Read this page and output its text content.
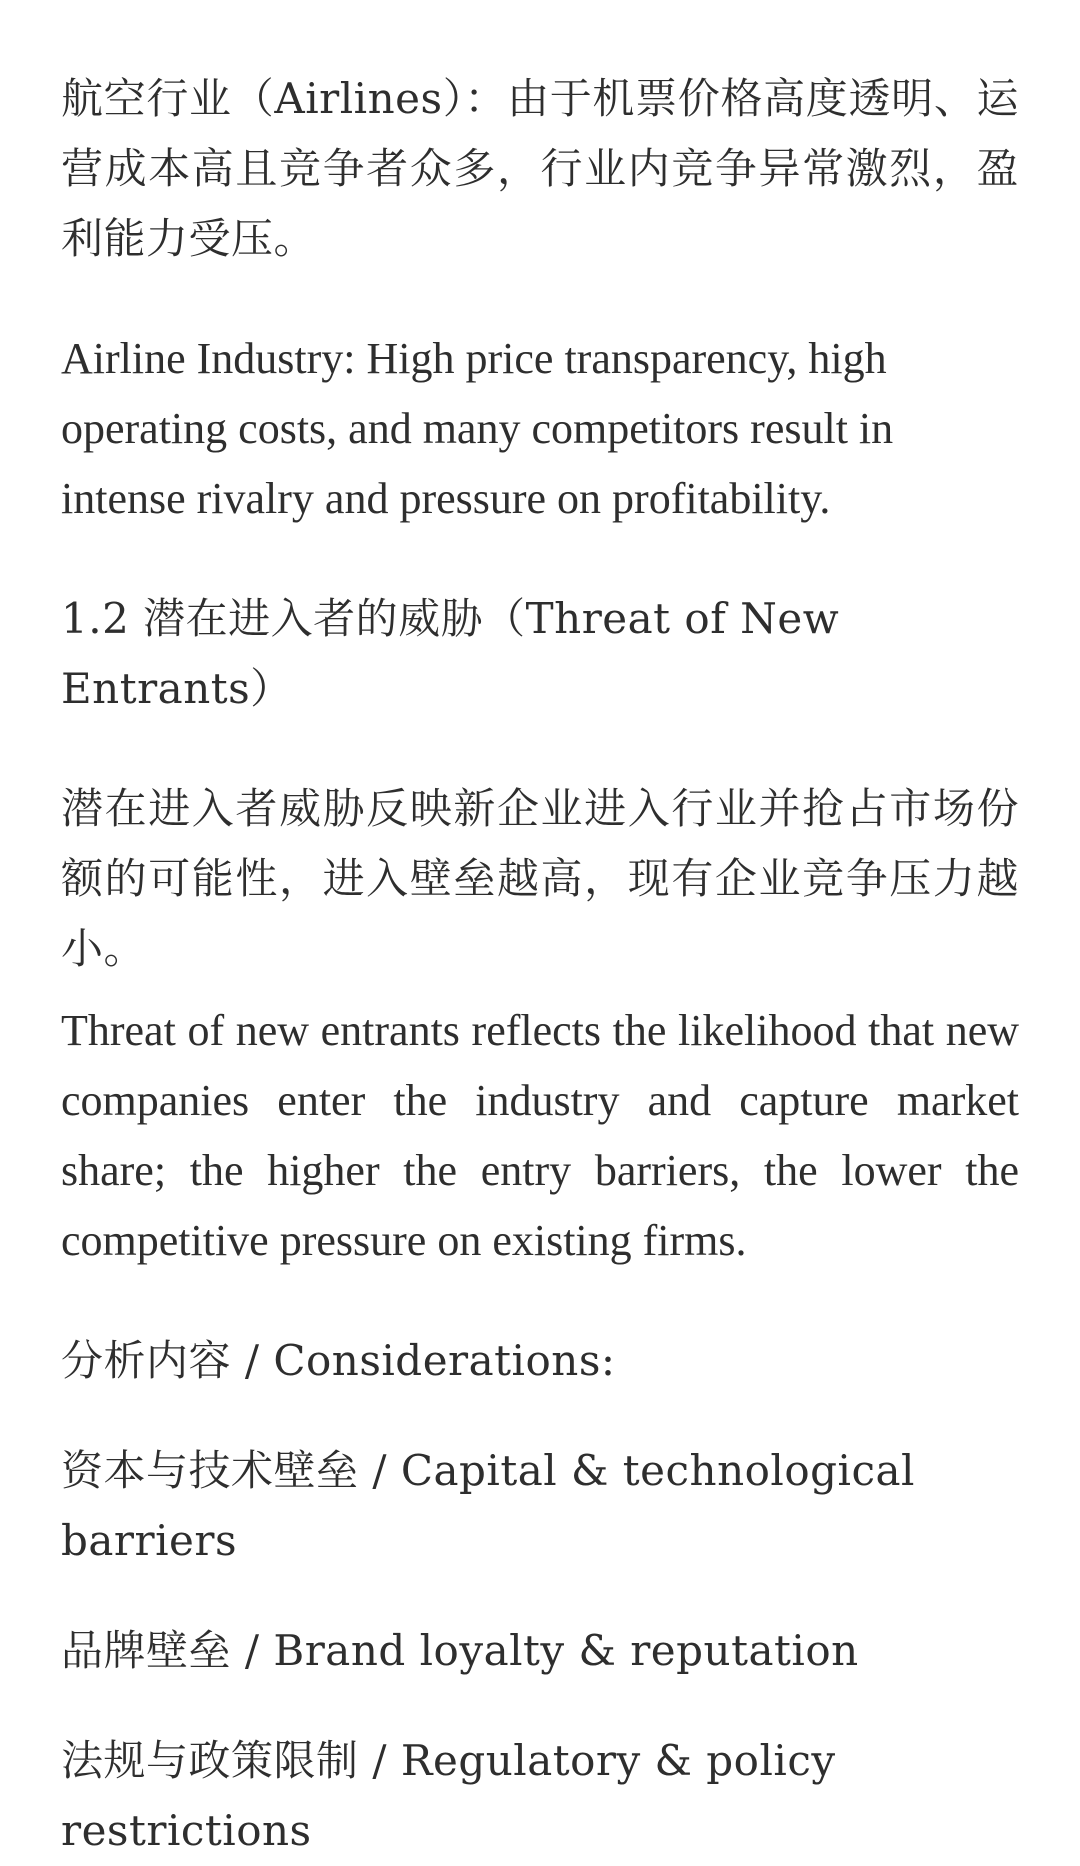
航空行业（Airlines）：由于机票价格高度透明、运营成本高且竞争者众多，行业内竞争异常激烈，盈利能力受压。

Airline Industry: High price transparency, high operating costs, and many competitors result in intense rivalry and pressure on profitability.

1.2 潜在进入者的威胁（Threat of New Entrants）

潜在进入者威胁反映新企业进入行业并抢占市场份额的可能性，进入壁垒越高，现有企业竞争压力越小。

Threat of new entrants reflects the likelihood that new companies enter the industry and capture market share; the higher the entry barriers, the lower the competitive pressure on existing firms.

分析内容 / Considerations:

资本与技术壁垒 / Capital & technological barriers

品牌壁垒 / Brand loyalty & reputation

法规与政策限制 / Regulatory & policy restrictions
